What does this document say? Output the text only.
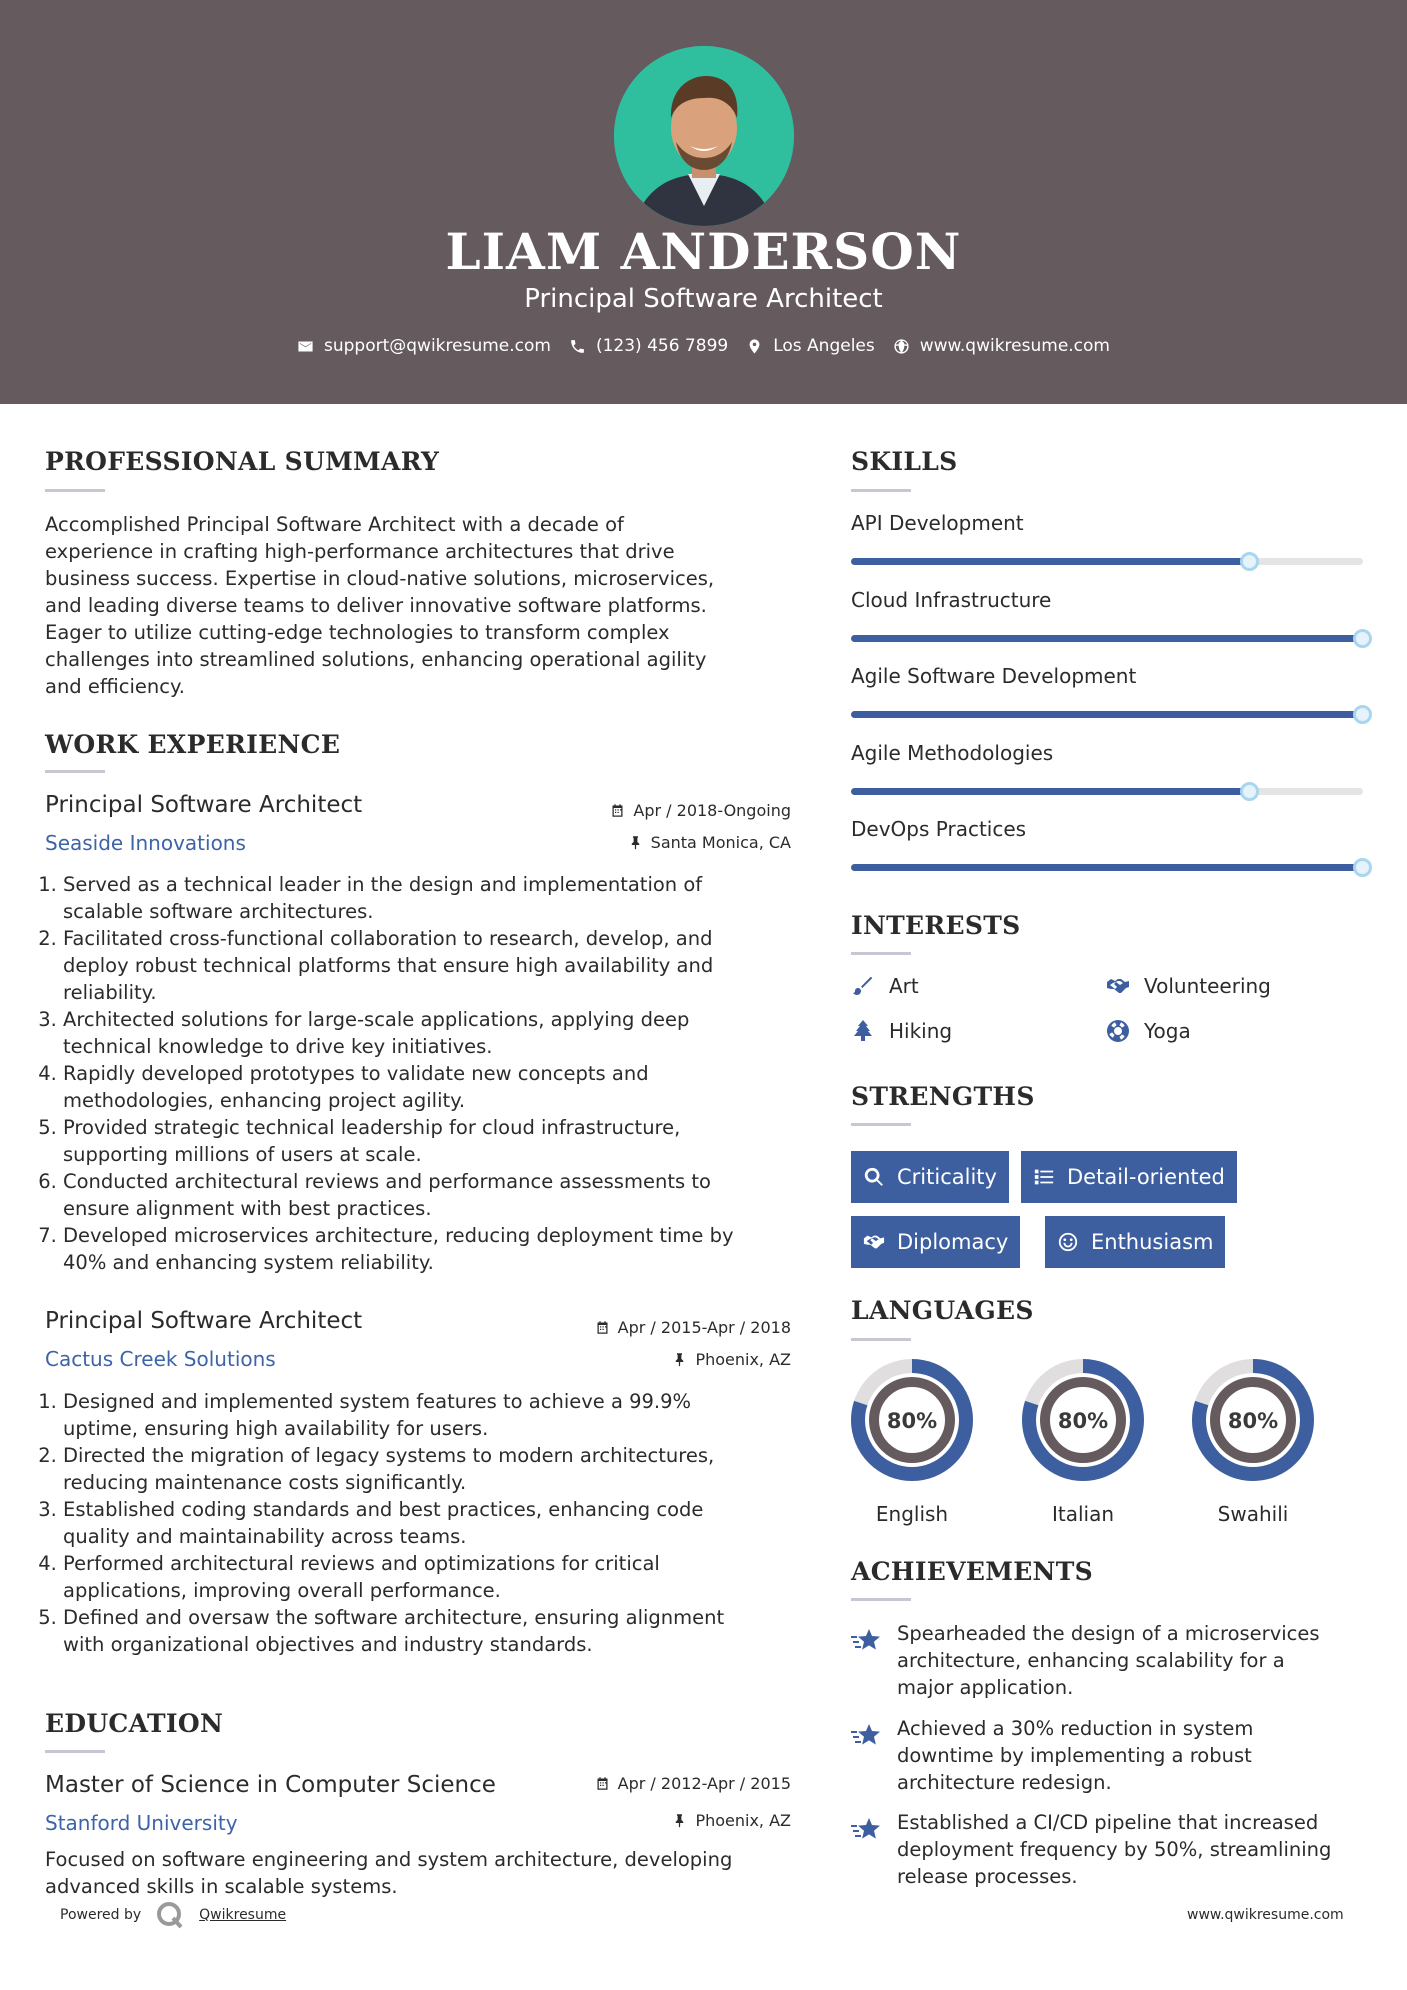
LIAM ANDERSON
Principal Software Architect
support@qwikresume.com	(123) 456 7899	Los Angeles	www.qwikresume.com
PROFESSIONAL SUMMARY
Accomplished Principal Software Architect with a decade of
experience in crafting high-performance architectures that drive
business success. Expertise in cloud-native solutions, microservices,
and leading diverse teams to deliver innovative software platforms.
Eager to utilize cutting-edge technologies to transform complex
challenges into streamlined solutions, enhancing operational agility
and efficiency.
WORK EXPERIENCE
Principal Software Architect	Apr / 2018-Ongoing
Seaside Innovations	Santa Monica, CA
1. Served as a technical leader in the design and implementation of
scalable software architectures.
2. Facilitated cross-functional collaboration to research, develop, and
deploy robust technical platforms that ensure high availability and
reliability.
3. Architected solutions for large-scale applications, applying deep
technical knowledge to drive key initiatives.
4. Rapidly developed prototypes to validate new concepts and
methodologies, enhancing project agility.
5. Provided strategic technical leadership for cloud infrastructure,
supporting millions of users at scale.
6. Conducted architectural reviews and performance assessments to
ensure alignment with best practices.
7. Developed microservices architecture, reducing deployment time by
40% and enhancing system reliability.
Principal Software Architect	Apr / 2015-Apr / 2018
Cactus Creek Solutions	Phoenix, AZ
1. Designed and implemented system features to achieve a 99.9%
uptime, ensuring high availability for users.
2. Directed the migration of legacy systems to modern architectures,
reducing maintenance costs significantly.
3. Established coding standards and best practices, enhancing code
quality and maintainability across teams.
4. Performed architectural reviews and optimizations for critical
applications, improving overall performance.
5. Defined and oversaw the software architecture, ensuring alignment
with organizational objectives and industry standards.
EDUCATION
Master of Science in Computer Science	Apr / 2012-Apr / 2015
Stanford University	Phoenix, AZ
Focused on software engineering and system architecture, developing
advanced skills in scalable systems.
SKILLS
API Development
Cloud Infrastructure
Agile Software Development
Agile Methodologies
DevOps Practices
INTERESTS
Art	Volunteering
Hiking	Yoga
STRENGTHS
Criticality	Detail-oriented
Diplomacy	Enthusiasm
LANGUAGES
80%
English
80%
Italian
80%
Swahili
ACHIEVEMENTS
Spearheaded the design of a microservices
architecture, enhancing scalability for a
major application.
Achieved a 30% reduction in system
downtime by implementing a robust
architecture redesign.
Established a CI/CD pipeline that increased
deployment frequency by 50%, streamlining
release processes.
Powered by	Qwikresume	www.qwikresume.com
